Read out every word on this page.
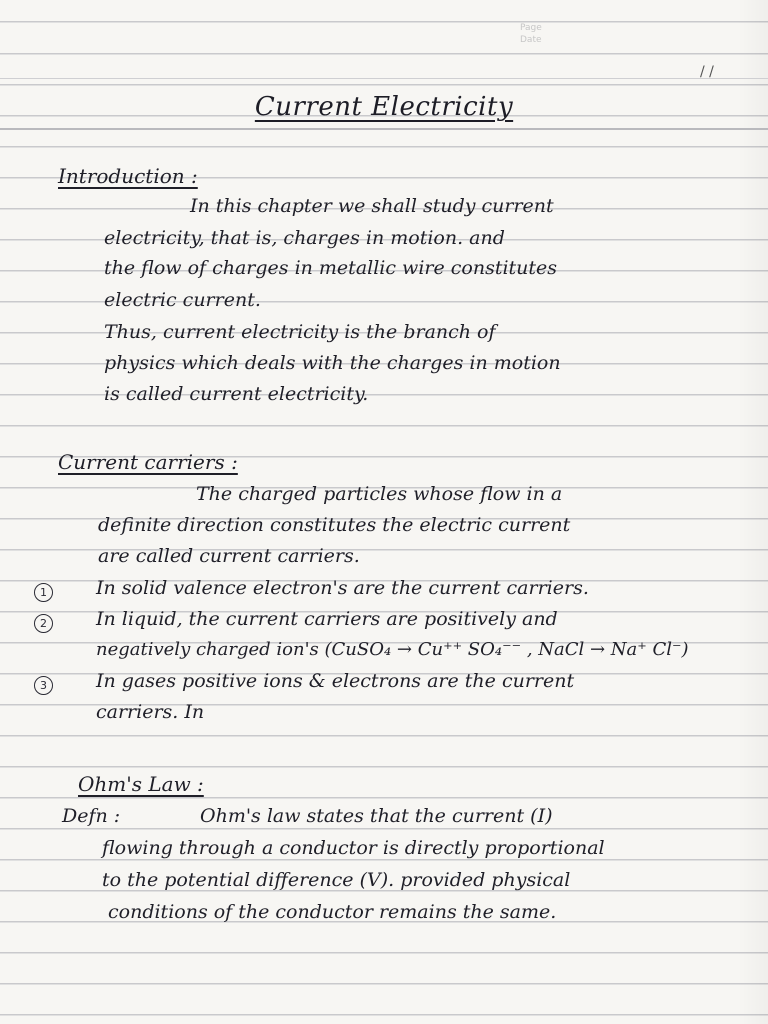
Page
Date
/ /
Current Electricity
Introduction :
In this chapter we shall study current
electricity, that is, charges in motion. and
the flow of charges in metallic wire constitutes
electric current.
Thus, current electricity is the branch of
physics which deals with the charges in motion
is called current electricity.
Current carriers :
The charged particles whose flow in a
definite direction constitutes the electric current
are called current carriers.
1	In solid valence electron's are the current carriers.
2	In liquid, the current carriers are positively and
negatively charged ion's (CuSO₄ → Cu⁺⁺ SO₄⁻⁻ , NaCl → Na⁺ Cl⁻)
3	In gases positive ions & electrons are the current
carriers. In
Ohm's Law :
Defn :	Ohm's law states that the current (I)
flowing through a conductor is directly proportional
to the potential difference (V). provided physical
conditions of the conductor remains the same.
